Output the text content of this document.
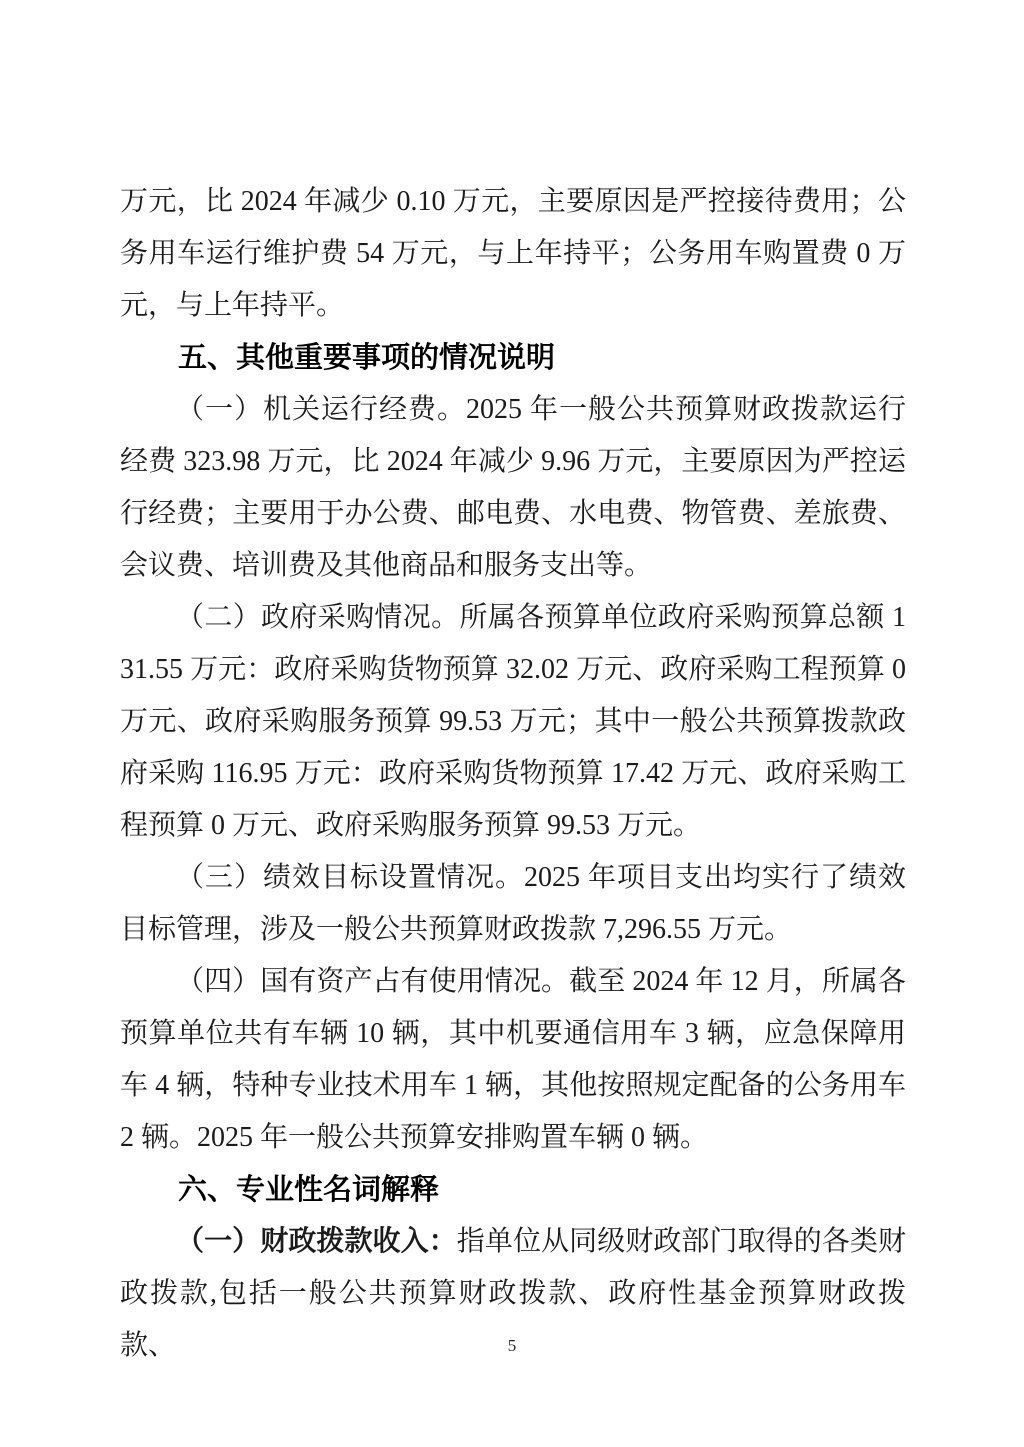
万元，比 2024 年减少 0.10 万元，主要原因是严控接待费用；公务用车运行维护费 54 万元，与上年持平；公务用车购置费 0 万元，与上年持平。

五、其他重要事项的情况说明

（一）机关运行经费。2025 年一般公共预算财政拨款运行经费 323.98 万元，比 2024 年减少 9.96 万元，主要原因为严控运行经费；主要用于办公费、邮电费、水电费、物管费、差旅费、会议费、培训费及其他商品和服务支出等。

（二）政府采购情况。所属各预算单位政府采购预算总额 131.55 万元：政府采购货物预算 32.02 万元、政府采购工程预算 0 万元、政府采购服务预算 99.53 万元；其中一般公共预算拨款政府采购 116.95 万元：政府采购货物预算 17.42 万元、政府采购工程预算 0 万元、政府采购服务预算 99.53 万元。

（三）绩效目标设置情况。2025 年项目支出均实行了绩效目标管理，涉及一般公共预算财政拨款 7,296.55 万元。

（四）国有资产占有使用情况。截至 2024 年 12 月，所属各预算单位共有车辆 10 辆，其中机要通信用车 3 辆，应急保障用车 4 辆，特种专业技术用车 1 辆，其他按照规定配备的公务用车 2 辆。2025 年一般公共预算安排购置车辆 0 辆。

六、专业性名词解释

（一）财政拨款收入：指单位从同级财政部门取得的各类财政拨款,包括一般公共预算财政拨款、政府性基金预算财政拨款、	5
